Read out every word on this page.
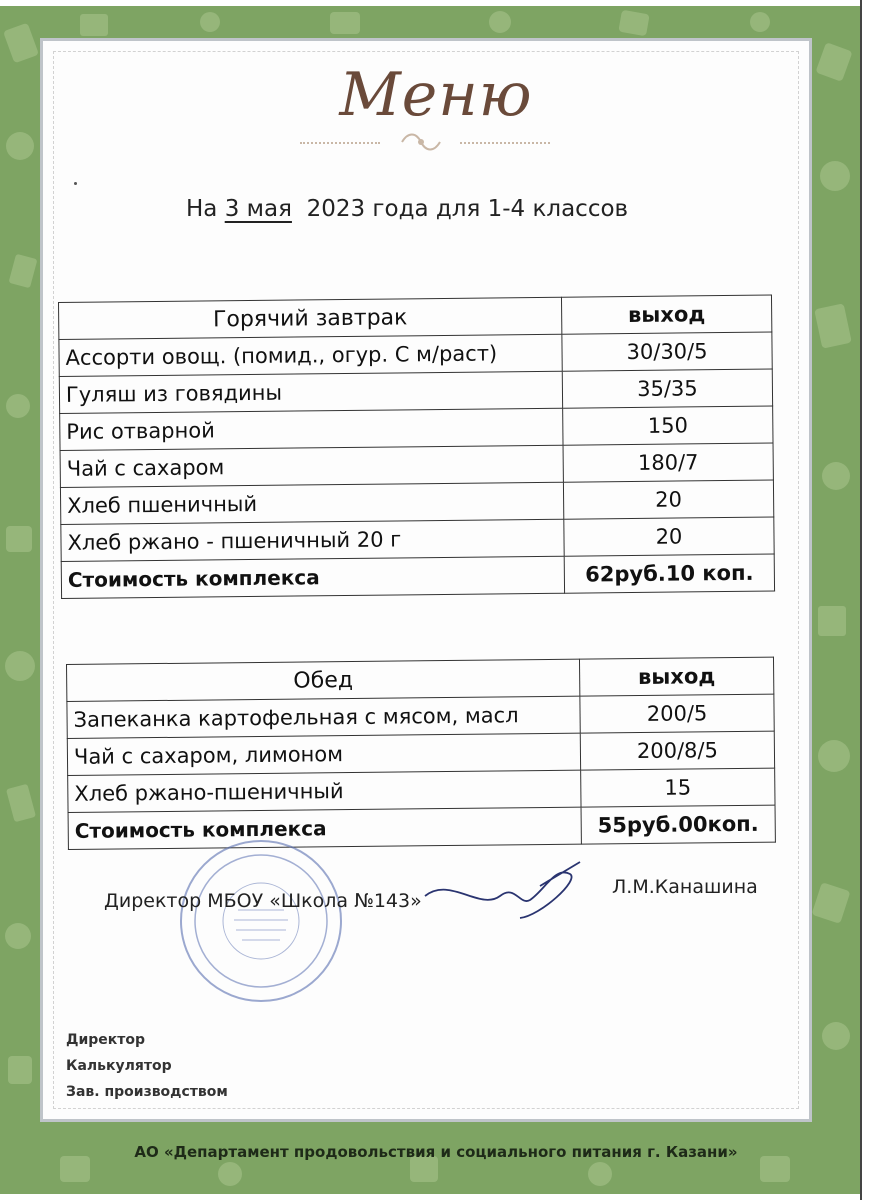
Меню
На 3 мая 2023 года для 1-4 классов
Горячий завтрак	выход
Ассорти овощ. (помид., огур. С м/раст)	30/30/5
Гуляш из говядины	35/35
Рис отварной	150
Чай с сахаром	180/7
Хлеб пшеничный	20
Хлеб ржано - пшеничный 20 г	20
Стоимость комплекса	62руб.10 коп.
Обед	выход
Запеканка картофельная с мясом, масл	200/5
Чай с сахаром, лимоном	200/8/5
Хлеб ржано-пшеничный	15
Стоимость комплекса	55руб.00коп.
Директор МБОУ «Школа №143»
Л.М.Канашина
Директор
Калькулятор
Зав. производством
АО «Департамент продовольствия и социального питания г. Казани»
